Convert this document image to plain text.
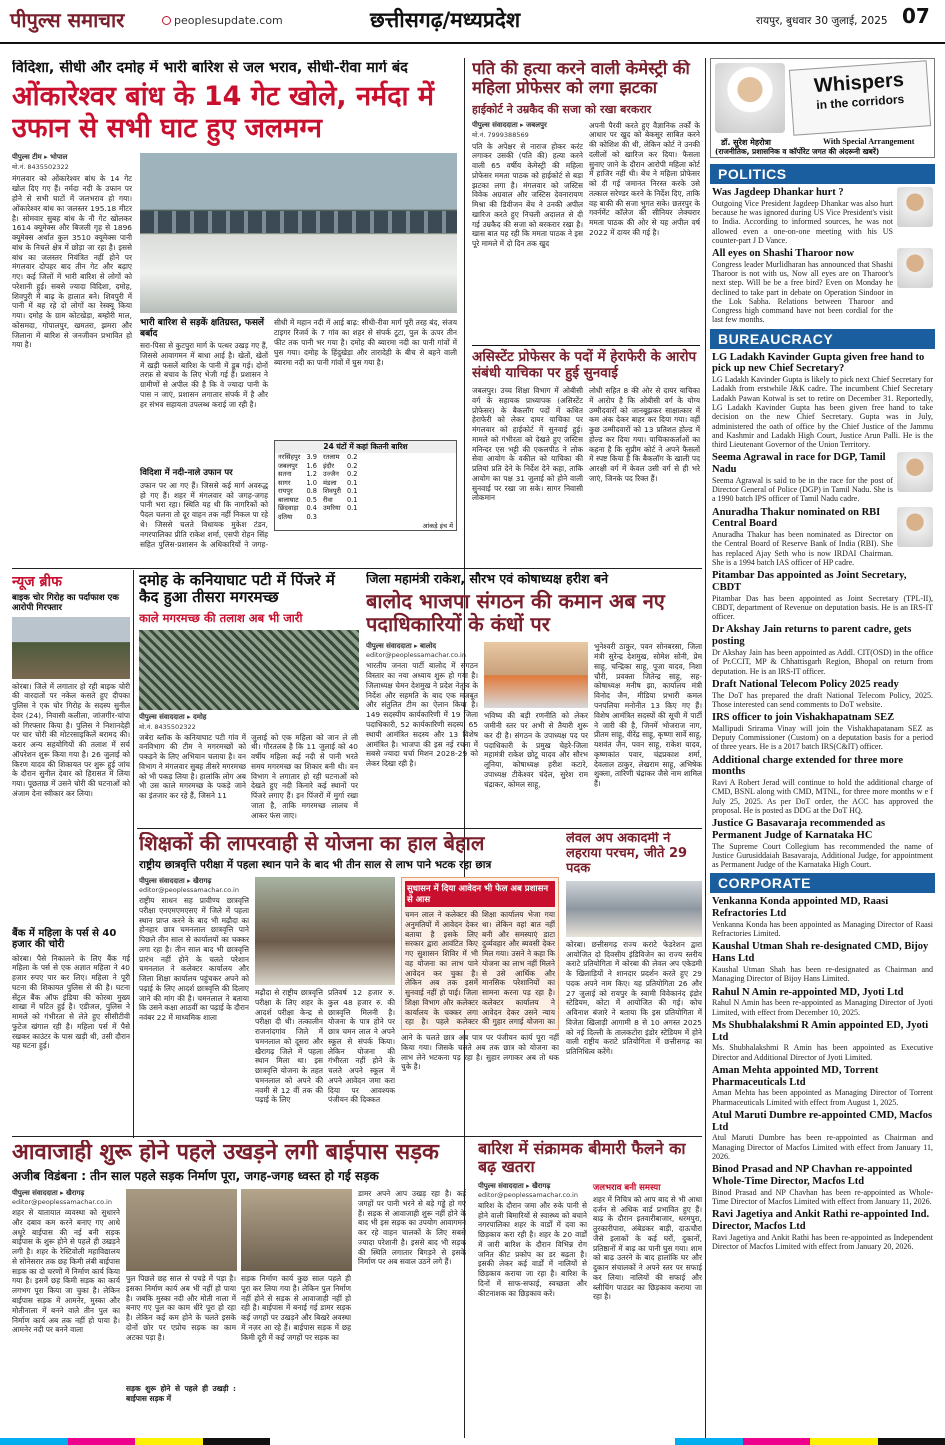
पीपुल्स समाचार	peoplesupdate.com	छत्तीसगढ़/मध्यप्रदेश	रायपुर, बुधवार 30 जुलाई, 2025 07
विदिशा, सीधी और दमोह में भारी बारिश से जल भराव, सीधी-रीवा मार्ग बंद
ओंकारेश्वर बांध के 14 गेट खोले, नर्मदा में उफान से सभी घाट हुए जलमग्न
पीपुल्स टीम ▸ भोपाल
मो.नं. 8435502322
मंगलवार को ओंकारेश्वर बांध के 14 गेट खोल दिए गए हैं। नर्मदा नदी के उफान पर होने से सभी घाटों में जलभराव हो गया। ओंकारेश्वर बांध का जलस्तर 195.18 मीटर है। सोमवार सुबह बांध के नौ गेट खोलकर 1614 क्यूमेक्स और बिजली गृह से 1896 क्यूमेक्स अर्थात कुल 3510 क्यूमेक्स पानी बांध के निचले क्षेत्र में छोड़ा जा रहा है। इससे बांध का जलस्तर नियंत्रित नहीं होने पर मंगलवार दोपहर बाद तीन गेट और बढ़ाए गए। कई जिलों में भारी बारिश से लोगों को परेशानी हुई। सबसे ज्यादा विदिशा, दमोह, शिवपुरी में बाढ़ के हालात बने। शिवपुरी में पानी में बह रहे दो लोगों का रेस्क्यू किया गया। दमोह के ग्राम कोटखेड़ा, बम्होरी माल, कोसमदा, गोपालपुर, खमतरा, झमरा और जिलाना में बारिश से जनजीवन प्रभावित हो गया है।
भारी बारिश से सड़कें क्षतिग्रस्त, फसलें बर्बाद
सरा-पिसा से कुटपुरा मार्ग के पत्थर उखड़ गए हैं, जिससे आवागमन में बाधा आई है। खेतों, खेतों में खड़ी फसलें बारिश के पानी में डूब गई। दोनों तरफ़ से बचाव के लिए भेजी गई हैं। प्रशासन ने ग्रामीणों से अपील की है कि वे ज्यादा पानी के पास न जाएं, प्रशासन लगातार संपर्क में है और हर संभव सहायता उपलब्ध कराई जा रही है।
विदिशा में नदी-नाले उफान पर
उफान पर आ गए हैं। जिससे कई मार्ग अवरुद्ध हो गए हैं। शहर में मंगलवार को जगह-जगह पानी भरा रहा। स्थिति यह थी कि नागरिकों को पैदल चलना तो दूर वाहन तक नहीं निकल पा रहे थे। जिससे चलते विधायक मुकेश टंडन, नगरपालिका प्रीति राकेश शर्मा, एसपी रोहन सिंह सहित पुलिस-प्रशासन के अधिकारियों ने जगह-
सीधी में महान नदी में आई बाढ़: सीधी-रीवा मार्ग पूरी तरह बंद, संजय टाइगर रिजर्व के 7 गांव का शहर से संपर्क टूटा, पुल के ऊपर तीन फीट तक पानी भर गया है। दमोह की ब्यारमा नदी का पानी गांवों में घुस गया। दमोह के हिंदुखेड़ा और तारादेही के बीच से बहने वाली ब्यारमा नदी का पानी गांवों में घुस गया है।
24 घंटों में कहां कितनी बारिश
नरसिंहपुर	3.9	रतलाम	0.2
जबलपुर	1.6	इंदौर	0.2
सतना	1.2	उज्जैन	0.2
सागर	1.0	मंडला	0.1
रायपुर	0.8	शिवपुरी	0.1
बालाघाट	0.5	रीवा	0.1
छिंदवाड़ा	0.4	उमरिया	0.1
दतिया	0.3		
आंकड़े इंच में
पति की हत्या करने वाली केमेस्ट्री की महिला प्रोफेसर को लगा झटका
हाईकोर्ट ने उम्रकैद की सजा को रखा बरकरार
पीपुल्स संवाददाता ▸ जबलपुर
मो.नं. 7999388569
पति के अपेक्षर से नाराज होकर करंट लगाकर उसकी (पति की) हत्या करने वाली 65 वर्षीय केमेस्ट्री की महिला प्रोफेसर ममता पाठक को हाईकोर्ट से बड़ा झटका लगा है। मंगलवार को जस्टिस विवेक अग्रवाल और जस्टिस देवनारायण मिश्रा की डिवीजन बेंच ने उनकी अपील खारिज करते हुए निचली अदालत से दी गई उम्रकैद की सजा को बरकरार रखा है। खास बात यह रही कि ममता पाठक ने इस पूरे मामले में दो दिन तक खुद
अपनी पैरवी करते हुए वैज्ञानिक तर्कों के आधार पर खुद को बेकसूर साबित करने की कोशिश की थी, लेकिन कोर्ट ने उनकी दलीलों को खारिज कर दिया। फैसला सुनाए जाने के दौरान आरोपी महिला कोर्ट में हाजिर नहीं थी। बेंच ने महिला प्रोफेसर को दी गई जमानत निरस्त करके उसे तत्काल सरेण्डर करने के निर्देश दिए, ताकि वह बाकी की सजा भुगत सके। छतरपुर के गवर्नमेंट कॉलेज की सीनियर लेक्चरार ममता पाठक की ओर से यह अपील वर्ष 2022 में दायर की गई है।
असिस्टेंट प्रोफेसर के पदों में हेराफेरी के आरोप संबंधी याचिका पर हुई सुनवाई
जबलपुर। उच्च शिक्षा विभाग में ओबीसी वर्ग के सहायक प्राध्यापक (असिस्टेंट प्रोफेसर) के बैकलॉग पदों में कथित हेराफेरी को लेकर दायर याचिका पर मंगलवार को हाईकोर्ट में सुनवाई हुई। मामले को गंभीरता को देखते हुए जस्टिस मनिन्दर एस भट्टी की एकलपीठ ने लोक सेवा आयोग के वकील को याचिका की प्रतियां प्रति देने के निर्देश देने कहा, ताकि आयोग का पक्ष 31 जुलाई को होने वाली सुनवाई पर रखा जा सके। सागर निवासी लोकमान
लोधी सहित 8 की ओर से दायर याचिका में आरोप है कि ओबीसी वर्ग के योग्य उम्मीदवारों को जानबूझकर साक्षात्कार में कम अंक देकर बाहर कर दिया गया। वहीं कुछ उम्मीदवारों को 13 प्रतिशत होल्ड में होल्ड कर दिया गया। याचिकाकर्ताओं का कहना है कि सुप्रीम कोर्ट ने अपने फैसलों में स्पष्ट किया है कि बैकलॉग के खाली पद आरक्षी वर्ग में केवल उसी वर्ग से ही भरे जाएं, जिनके पद रिक्त हैं।
न्यूज ब्रीफ
बाइक चोर गिरोह का पर्दाफाश एक आरोपी गिरफ्तार
कोरबा। जिले में लगातार हो रही बाइक चोरी की वारदातों पर नकेल कसते हुए दीपका पुलिस ने एक चोर गिरोह के सदस्य सुनील देवर (24), निवासी कलीला, जांजगीर-चांपा को गिरफ्तार किया है। पुलिस ने निशानदेही पर चार चोरी की मोटरसाइकिलें बरामद की। करार अन्य सहयोगियों की तलाश में सर्च ऑपरेशन शुरू किया गया है। 26 जुलाई को किरण यादव की शिकायत पर शुरू हुई जांच के दौरान सुनील देवार को हिरासत में लिया गया। पूछताछ में उसने चोरी की घटनाओं को अंजाम देना स्वीकार कर लिया।
बैंक में महिला के पर्स से 40 हजार की चोरी
कोरबा। पैसे निकालने के लिए बैंक गई महिला के पर्स से एक अज्ञात महिला ने 40 हजार रुपए पार कर लिए। महिला ने पूरी घटना की शिकायत पुलिस से की है। घटना सेंट्रल बैंक ऑफ इंडिया की कोरबा मुख्य शाखा में घटित हुई है। एडीजल, पुलिस ने मामले को गंभीरता से लेते हुए सीसीटीवी फुटेज खंगाल रही है। महिला पर्स में पैसे रखकर काउंटर के पास खड़ी थी, उसी दौरान यह घटना हुई।
दमोह के कनियाघाट पटी में पिंजरे में कैद हुआ तीसरा मगरमच्छ
काले मगरमच्छ की तलाश अब भी जारी
पीपुल्स संवाददाता ▸ दमोह
मो.नं. 8435502322
जबेरा ब्लॉक के कनियाघाट पटी गांव में वनविभाग की टीम ने मगरमच्छों को पकड़ने के लिए अभियान चलाया है। वन विभाग ने मंगलवार सुबह तीसरे मगरमच्छ को भी पकड़ लिया है। हालांकि लोग अब भी उस काले मगरमच्छ के पकड़े जाने का इंतजार कर रहे हैं, जिसने 11
जुलाई को एक महिला को जान ले ली थी। गौरतलब है कि 11 जुलाई को 40 वर्षीय महिला कई नदी से पानी भरते समय मगरमच्छ का शिकार बनी थी। वन विभाग ने लगातार हो रही घटनाओं को देखते हुए नदी किनारे कई स्थानों पर पिंजरे लगाए हैं। इन पिंजरों में मुर्गा रखा जाता है, ताकि मगरमच्छ लालच में आकर फंस जाए।
जिला महामंत्री राकेश, सौरभ एवं कोषाध्यक्ष हरीश बने
बालोद भाजपा संगठन की कमान अब नए पदाधिकारियों के कंधों पर
पीपुल्स संवाददाता ▸ बालोद
editor@peoplessamachar.co.in
भारतीय जनता पार्टी बालोद में संगठन विस्तार का नया अध्याय शुरू हो गया है। जिलाध्यक्ष चेमन देशमुख ने प्रदेश नेतृत्व के निर्देश और सहमति के बाद एक मजबूत और संतुलित टीम का ऐलान किया है। 149 सदस्यीय कार्यकारिणी में 19 जिला पदाधिकारी, 52 कार्यकारिणी सदस्य, 65 स्थायी आमंत्रित सदस्य और 13 विशेष आमंत्रित है। भाजपा की इस नई रचना में सबसे ज्यादा चर्चा मिशन 2028-29 को लेकर दिखा रही है।
भविष्य की बड़ी रणनीति को लेकर जमीनी स्तर पर अभी से तैयारी शुरू कर दी है। संगठन के उपाध्यक्ष पद पर पदाधिकारी के प्रमुख चेहरे-जिला महामंत्री राकेश छोटू यादव और सौरभ लूनिया, कोषाध्यक्ष हरीश कटारे, उपाध्यक्ष टीकेश्वर चंदेल, सुरेश राम चंद्राकर, कोमल साहू,
भुनेश्वरी ठाकुर, पवन सोनबरसा, जिला मंत्री सुरेन्द्र देशमुख, सोमेश सोनी, प्रेम साहू, चन्द्रिका साहू, पूजा यादव, निशा चौरी, प्रवक्ता जितेन्द्र साहू, सह-कोषाध्यक्ष मनीष झा, कार्यालय मंत्री विनोद जैन, मीडिया प्रभारी कमल पनपलिया मनोनीत 13 किए गए हैं। विशेष आमंत्रित सदस्यों की सूची में पार्टी ने जारी की है, जिनमें भोजराज नाग, प्रीतम साहू, वीरेंद्र साहू, कृष्णा सार्वे साहू, यशवंत जैन, पवन साहू, राकेश यादव, कृष्णकांत पवार, चंद्रप्रकाश शर्मा, देवलाल ठाकुर, लेखराम साहू, अभिषेक शुक्ला, तारिणी चंद्राकर जैसे नाम शामिल हैं।
शिक्षकों की लापरवाही से योजना का हाल बेहाल
राष्ट्रीय छात्रवृत्ति परीक्षा में पहला स्थान पाने के बाद भी तीन साल से लाभ पाने भटक रहा छात्र
पीपुल्स संवाददाता ▸ खैरागढ़
editor@peoplessamachar.co.in
राष्ट्रीय साधन सह प्रावीण्य छात्रवृत्ति परीक्षा एनएमएमएसए में जिले में पहला स्थान प्राप्त करने के बाद भी मढ़ौदा का होनहार छात्र चमनलाल छात्रवृत्ति पाने पिछले तीन साल से कार्यालयों का चक्कर लगा रहा है। तीन साल बाद भी छात्रवृत्ति प्रारंभ नहीं होने के चलते परेशान चमनलाल ने कलेक्टर कार्यालय और जिला शिक्षा कार्यालय पहुंचकर अपने को पढ़ाई के लिए आदर्श छात्रवृत्ति की दिलाए जाने की मांग की है। चमनलाल ने बताया कि उसने कक्षा आठवीं का पढ़ाई के दौरान नवंबर 22 में माध्यमिक शाला
मढ़ौदा से राष्ट्रीय छात्रवृत्ति परीक्षा के लिए शहर के आदर्श परीक्षा केन्द्र से परीक्षा दी थी। तत्कालीन राजनांदगांव जिले में चमनलाल को दूसरा और खैरागढ़ जिले में पहला स्थान मिला था। इस छात्रवृत्ति योजना के तहत चमनलाल को अपने की नवमी से 12 वीं तक की पढ़ाई के लिए
प्रतिवर्ष 12 हजार रु. कुल 48 हजार रु. की छात्रवृत्ति मिलनी है। योजना के पात्र होने पर छात्र चमन लाल ने अपने स्कूल से संपर्क किया। लेकिन योजना की गंभीरता नहीं होने के चलते अपने स्कूल में अपने आवेदन जमा करा दिया पर आवश्यक पंजीयन की दिक्कत
सुधासन में दिया आवेदन भी फेल अब प्रशासन से आस
चमन लाल ने कलेक्टर की अनुमतियों में आवेदन देकर बताया है इसके लिए सरकार द्वारा आवंटित किए गए सुशासन शिविर में भी वह योजना का लाभ पाने आवेदन कर चुका है। लेकिन अब तक इसमें सुनवाई नहीं हो पाई। जिला शिक्षा विभाग और कलेक्टर कार्यालय के चक्कर लगा रहा है। पहले कलेक्टर
शिक्षा कार्यालय भेजा गया था। लेकिन वहां बात नहीं बनी और समस्याएं डाटा दुर्व्यवहार और ब्यवसी देकर मिल गया। उसने ने कहा कि योजना का लाभ नहीं मिलने से उसे आर्थिक और मानसिक परेशानियों का सामना करना पड़ रहा है। कलेक्टर कार्यालय ने आवेदन देकर उसने न्याय की गुहार लगाई योजना का
आने के चलते छात्र अब पात्र पर पंजीयन कार्य पूरा नहीं किया गया। जिसके चलते अब तक छात्र को योजना का लाभ लेने भटकना पड़ रहा है। सुहार लगाकर अब तो थक चुके है।
लेवल अप अकादमी ने लहराया परचम, जीते 29 पदक
कोरबा। छत्तीसगढ़ राज्य कराटे फेडरेशन द्वारा आयोजित दो दिवसीय इंडिविजेन का राज्य स्तरीय कराटे प्रतियोगिता में कोरबा की लेवल अप एकेडमी के खिलाड़ियों ने शानदार प्रदर्शन करते हुए 29 पदक अपने नाम किए। यह प्रतियोगिता 26 और 27 जुलाई को रायपुर के स्वामी विवेकानंद इंडोर स्टेडियम, कोटा में आयोजित की गई। कोच अविनाश बंजारे ने बताया कि इस प्रतियोगिता में विजेता खिलाड़ी आगामी 8 से 10 अगस्त 2025 को नई दिल्ली के तालकटोरा इंडोर स्टेडियम में होने वाली राष्ट्रीय कराटे प्रतियोगिता में छत्तीसगढ़ का प्रतिनिधित्व करेंगे।
आवाजाही शुरू होने पहले उखड़ने लगी बाईपास सड़क
अजीब विडंबना : तीन साल पहले सड़क निर्माण पूरा, जगह-जगह ध्वस्त हो गई सड़क
पीपुल्स संवाददाता ▸ खैरागढ़
editor@peoplessamachar.co.in
शहर से यातायात व्यवस्था को सुधारने और दबाव कम करने बनाए गए आधे अधूरे बाईपास की नई बनी सड़क बाईपास के शुरू होने से पहले ही उखड़ने लगी है। शहर के रेस्टिवोली महाविद्यालय से सोनेसरार तक छह किमी लंबी बाईपास सड़क का दो चरणों में निर्माण कार्य किया गया है। इसमें छह किमी सड़क का कार्य लगभग पूरा किया जा चुका है। लेकिन बाईपास सड़क में आमनेर, मुस्का और मोतीनाला में बनने वाले तीन पुल का निर्माण कार्य अब तक नहीं हो पाया है। आमनेर नदी पर बनने वाला
पुल पिछले छह साल से पचड़े में पड़ा है। इसका निर्माण कार्य अब भी नहीं हो पाया है। जबकि मुस्का नदी और मोती नाला में बनाए गए पुल का काम धीरे पूरा हो रहा है। लेकिन कई कम होने के चलते इसके दोनों छोर पर एप्रोच सड़क का काम अटका पड़ा है।
सड़क शुरू होने से पहले ही उखड़ी : बाईपास सड़क में
सड़क निर्माण कार्य कुछ साल पहले ही पूरा कर लिया गया है। लेकिन पुल निर्माण नहीं होने से सड़क से आवाजाही नहीं हो रही है। बाईपास में बनाई गई डामर सड़क कई जगहों पर उखड़ने और बिखरे अवस्था में नज़र आ रहे हैं। बाईपास सड़क में छह किमी दूरी में कई जगहों पर सड़क का
डामर अपने आप उखड़ रहा है। कई जगहों पर पानी भरने से बड़े गड्ढे हो गए हैं। सड़क से आवाजाही शुरू नहीं होने के बाद भी इस सड़क का उपयोग आवागमन कर रहे वाहन चालकों के लिए सबसे ज्यादा परेशानी है। इससे बाद भी सड़क की स्थिति लगातार बिगड़ने से इसके निर्माण पर अब सवाल उठने लगे हैं।
बारिश में संक्रामक बीमारी फैलने का बढ़ खतरा
पीपुल्स संवाददाता ▸ खैरागढ़
editor@peoplessamachar.co.in
बारिश के दौरान जमा और रुके पानी से होने वाली बिमारियों से स्वास्थ्य को बचाने नगरपालिका शहर के वार्डों में दवा का छिड़काव करा रही है। शहर के 20 वार्डों में जारी बारिश के दौरान विभिन्न रोग जनित कीट प्रकोप का डर बढ़ता है। इसकी लेकर कई वार्डों में नालियों से छिड़काव कराया जा रहा है। बारिश के दिनों में साफ-सफाई, स्वच्छता और कीटनाशक का छिड़काव करें।
जलभराव बनी समस्या
शहर में निचित्र को आप बाद से भी आधा दर्जन से अधिक वार्ड प्रभावित हुए हैं। बाढ़ के दौरान इतवारीबाजार, धरमपुरा, तुरकारीपारा, अंबेडकर बाड़ी, दाऊचौरा जैसे इलाकों के कई घरों, दुकानों, प्रतिष्ठानों में बाढ़ का पानी घुस गया। शाम को बाढ़ उतरने के बाद हालांकि घर और दुकान संचालकों ने अपने स्तर पर सफाई कर लिया। नालियों की सफाई और ब्लीचिंग पाउडर का छिड़काव कराया जा रहा है।
Whispers
in the corridors
डॉ. सुरेश मेहरोत्रा	With Special Arrangement
(राजनीतिक, प्रशासनिक व कॉर्पोरेट जगत की अंदरूनी खबरें)
POLITICS
Was Jagdeep Dhankar hurt ?
Outgoing Vice President Jagdeep Dhankar was also hurt because he was ignored during US Vice President's visit to India. According to informed sources, he was not allowed even a one-on-one meeting with his US counter-part J D Vance.
All eyes on Shashi Tharoor now
Congress leader Murlidharan has announced that Shashi Tharoor is not with us, Now all eyes are on Tharoor's next step. Will be be a free bird? Even on Monday he declined to take part in debate on Operation Sindoor in the Lok Sabha. Relations between Tharoor and Congress high command have not been cordial for the last few months.
BUREAUCRACY
LG Ladakh Kavinder Gupta given free hand to pick up new Chief Secretary?
LG Ladakh Kavinder Gupta is likely to pick next Chief Secretary for Ladakh from erstwhile J&K cadre. The incumbent Chief Secretary Ladakh Pawan Kotwal is set to retire on December 31. Reportedly, LG Ladakh Kavinder Gupta has been given free hand to take decision on the new Chief Secretary. Gupta was in July, administered the oath of office by the Chief Justice of the Jammu and Kashmir and Ladakh High Court, Justice Arun Palli. He is the third Lieutenant Governor of the Union Territory.
Seema Agrawal in race for DGP, Tamil Nadu
Seema Agrawal is said to be in the race for the post of Director General of Police (DGP) in Tamil Nadu. She is a 1990 batch IPS officer of Tamil Nadu cadre.
Anuradha Thakur nominated on RBI Central Board
Anuradha Thakur has been nominated as Director on the Central Board of Reserve Bank of India (RBI). She has replaced Ajay Seth who is now IRDAI Chairman. She is a 1994 batch IAS officer of HP cadre.
Pitambar Das appointed as Joint Secretary, CBDT
Pitambar Das has been appointed as Joint Secretary (TPL-II), CBDT, department of Revenue on deputation basis. He is an IRS-IT officer.
Dr Akshay Jain returns to parent cadre, gets posting
Dr Akshay Jain has been appointed as Addl. CIT(OSD) in the office of Pr.CCIT, MP & Chhattisgarh Region, Bhopal on return from deputation. He is an IRS-IT officer.
Draft National Telecom Policy 2025 ready
The DoT has prepared the draft National Telecom Policy, 2025. Those interested can send comments to DoT website.
IRS officer to join Vishakhapatnam SEZ
Mallipudi Srirama Vinay will join the Vishakhapatanam SEZ as Deputy Commissioner (Custom) on a deputation basis for a period of three years. He is a 2017 batch IRS(C&IT) officer.
Additional charge extended for three more months
Ravi A Robert Jerad will continue to hold the additional charge of CMD, BSNL along with CMD, MTNL, for three more months w e f July 25, 2025. As per DoT order, the ACC has approved the proposal. He is posted as DDG at the DoT HQ.
Justice G Basavaraja recommended as Permanent Judge of Karnataka HC
The Supreme Court Collegium has recommended the name of Justice Gurusiddaiah Basavaraja, Additional Judge, for appointment as Permanent Judge of the Karnataka High Court.
CORPORATE
Venkanna Konda appointed MD, Raasi Refractories Ltd
Venkanna Konda has been appointed as Managing Director of Raasi Refractories Limited.
Kaushal Utman Shah re-designated CMD, Bijoy Hans Ltd
Kaushal Utman Shah has been re-designated as Chairman and Managing Director of Bijoy Hans Limited.
Rahul N Amin re-appointed MD, Jyoti Ltd
Rahul N Amin has been re-appointed as Managing Director of Jyoti Limited, with effect from December 10, 2025.
Ms Shubhalakshmi R Amin appointed ED, Jyoti Ltd
Ms. Shubhalakshmi R Amin has been appointed as Executive Director and Additional Director of Jyoti Limited.
Aman Mehta appointed MD, Torrent Pharmaceuticals Ltd
Aman Mehta has been appointed as Managing Director of Torrent Pharmaceuticals Limited with effect from August 1, 2025.
Atul Maruti Dumbre re-appointed CMD, Macfos Ltd
Atul Maruti Dumbre has been re-appointed as Chairman and Managing Director of Macfos Limited with effect from January 11, 2026.
Binod Prasad and NP Chavhan re-appointed Whole-Time Director, Macfos Ltd
Binod Prasad and NP Chavhan has been re-appointed as Whole-Time Director of Macfos Limited with effect from January 11, 2026.
Ravi Jagetiya and Ankit Rathi re-appointed Ind. Director, Macfos Ltd
Ravi Jagetiya and Ankit Rathi has been re-appointed as Independent Director of Macfos Limited with effect from January 20, 2026.
